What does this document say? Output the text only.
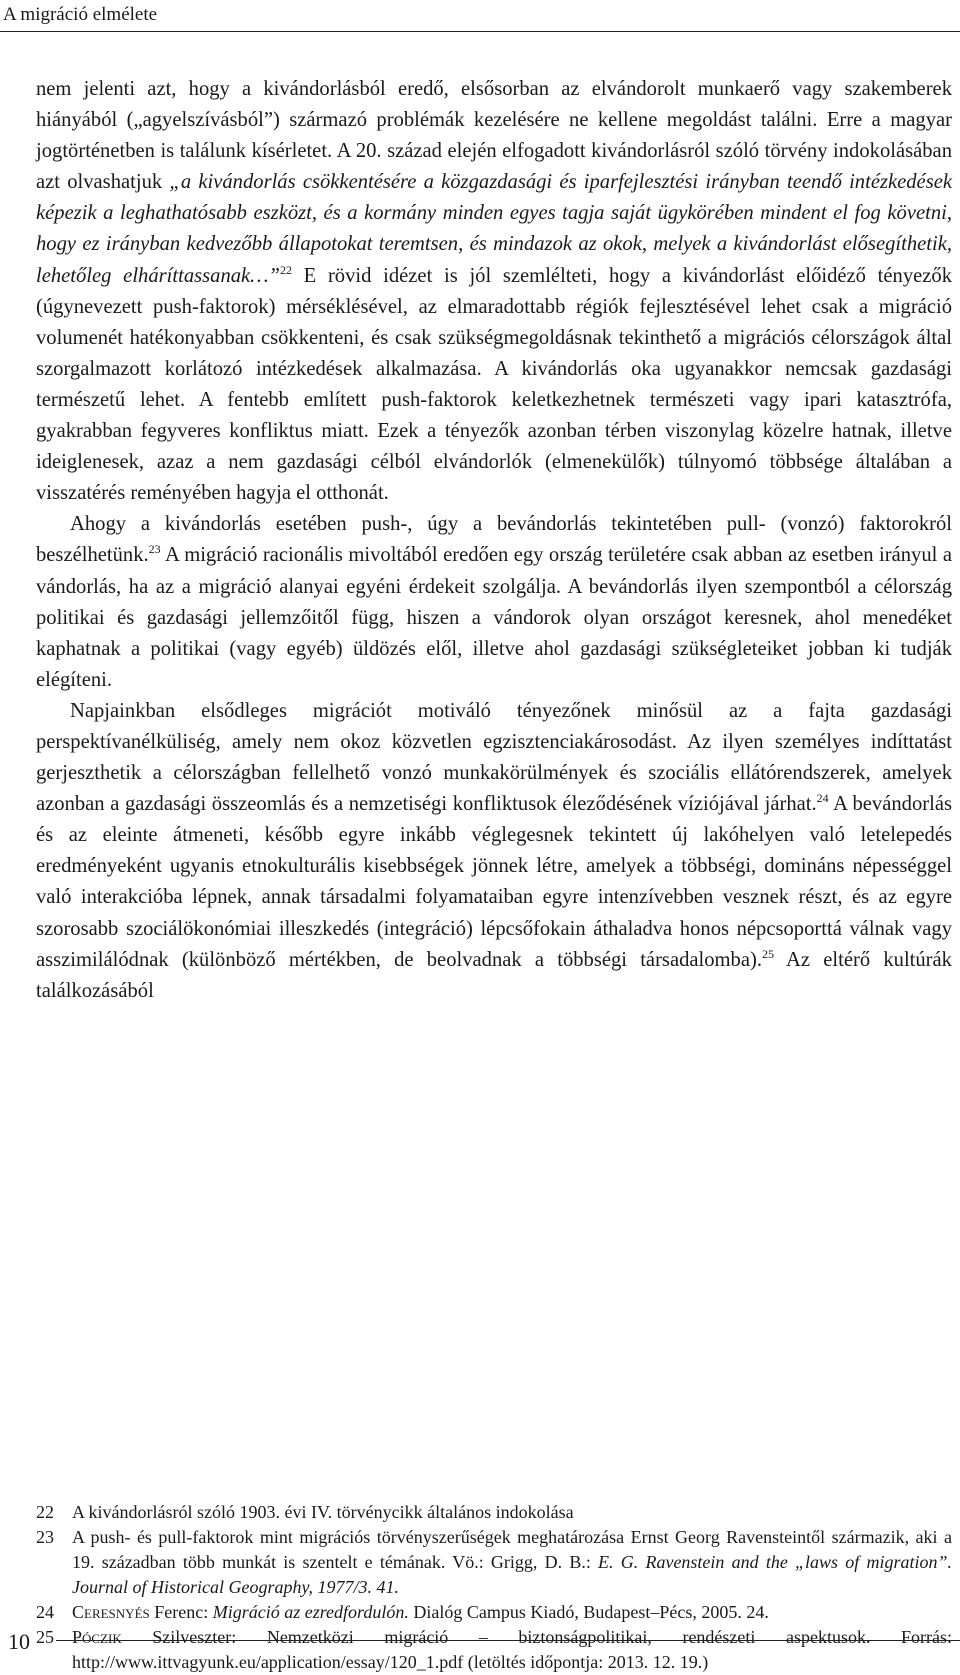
A migráció elmélete

nem jelenti azt, hogy a kivándorlásból eredő, elsősorban az elvándorolt munkaerő vagy szakemberek hiányából („agyelszívásból”) származó problémák kezelésére ne kellene megoldást találni. Erre a magyar jogtörténetben is találunk kísérletet. A 20. század elején elfogadott kivándorlásról szóló törvény indokolásában azt olvashatjuk „a kivándorlás csökkentésére a közgazdasági és iparfejlesztési irányban teendő intézkedések képezik a leghathatósabb eszközt, és a kormány minden egyes tagja saját ügykörében mindent el fog követni, hogy ez irányban kedvezőbb állapotokat teremtsen, és mindazok az okok, melyek a kivándorlást elősegíthetik, lehetőleg elháríttassanak…”$^{22}$ E rövid idézet is jól szemlélteti, hogy a kivándorlást előidéző tényezők (úgynevezett push-faktorok) mérséklésével, az elmaradottabb régiók fejlesztésével lehet csak a migráció volumenét hatékonyabban csökkenteni, és csak szükségmegoldásnak tekinthető a migrációs célországok által szorgalmazott korlátozó intézkedések alkalmazása. A kivándorlás oka ugyanakkor nemcsak gazdasági természetű lehet. A fentebb említett push-faktorok keletkezhetnek természeti vagy ipari katasztrófa, gyakrabban fegyveres konfliktus miatt. Ezek a tényezők azonban térben viszonylag közelre hatnak, illetve ideiglenesek, azaz a nem gazdasági célból elvándorlók (elmenekülők) túlnyomó többsége általában a visszatérés reményében hagyja el otthonát.

Ahogy a kivándorlás esetében push-, úgy a bevándorlás tekintetében pull- (vonzó) faktorokról beszélhetünk.$^{23}$ A migráció racionális mivoltából eredően egy ország területére csak abban az esetben irányul a vándorlás, ha az a migráció alanyai egyéni érdekeit szolgálja. A bevándorlás ilyen szempontból a célország politikai és gazdasági jellemzőitől függ, hiszen a vándorok olyan országot keresnek, ahol menedéket kaphatnak a politikai (vagy egyéb) üldözés elől, illetve ahol gazdasági szükségleteiket jobban ki tudják elégíteni.

Napjainkban elsődleges migrációt motiváló tényezőnek minősül az a fajta gazdasági perspektívanélküliség, amely nem okoz közvetlen egzisztenciakárosodást. Az ilyen személyes indíttatást gerjeszthetik a célországban fellelhető vonzó munkakörülmények és szociális ellátórendszerek, amelyek azonban a gazdasági összeomlás és a nemzetiségi konfliktusok éleződésének víziójával járhat.$^{24}$ A bevándorlás és az eleinte átmeneti, később egyre inkább véglegesnek tekintett új lakóhelyen való letelepedés eredményeként ugyanis etnokulturális kisebbségek jönnek létre, amelyek a többségi, domináns népességgel való interakcióba lépnek, annak társadalmi folyamataiban egyre intenzívebben vesznek részt, és az egyre szorosabb szociálökonómiai illeszkedés (integráció) lépcsőfokain áthaladva honos népcsoporttá válnak vagy asszimilálódnak (különböző mértékben, de beolvadnak a többségi társadalomba).$^{25}$ Az eltérő kultúrák találkozásából

22	A kivándorlásról szóló 1903. évi IV. törvénycikk általános indokolása
23	A push- és pull-faktorok mint migrációs törvényszerűségek meghatározása Ernst Georg Ravensteintől származik, aki a 19. században több munkát is szentelt e témának. Vö.: Grigg, D. B.: E. G. Ravenstein and the „laws of migration”. Journal of Historical Geography, 1977/3. 41.
24	Ceresnyés Ferenc: Migráció az ezredfordulón. Dialóg Campus Kiadó, Budapest–Pécs, 2005. 24.
25	Póczik Szilveszter: Nemzetközi migráció – biztonságpolitikai, rendészeti aspektusok. Forrás: http://www.ittvagyunk.eu/application/essay/120_1.pdf (letöltés időpontja: 2013. 12. 19.)
10
